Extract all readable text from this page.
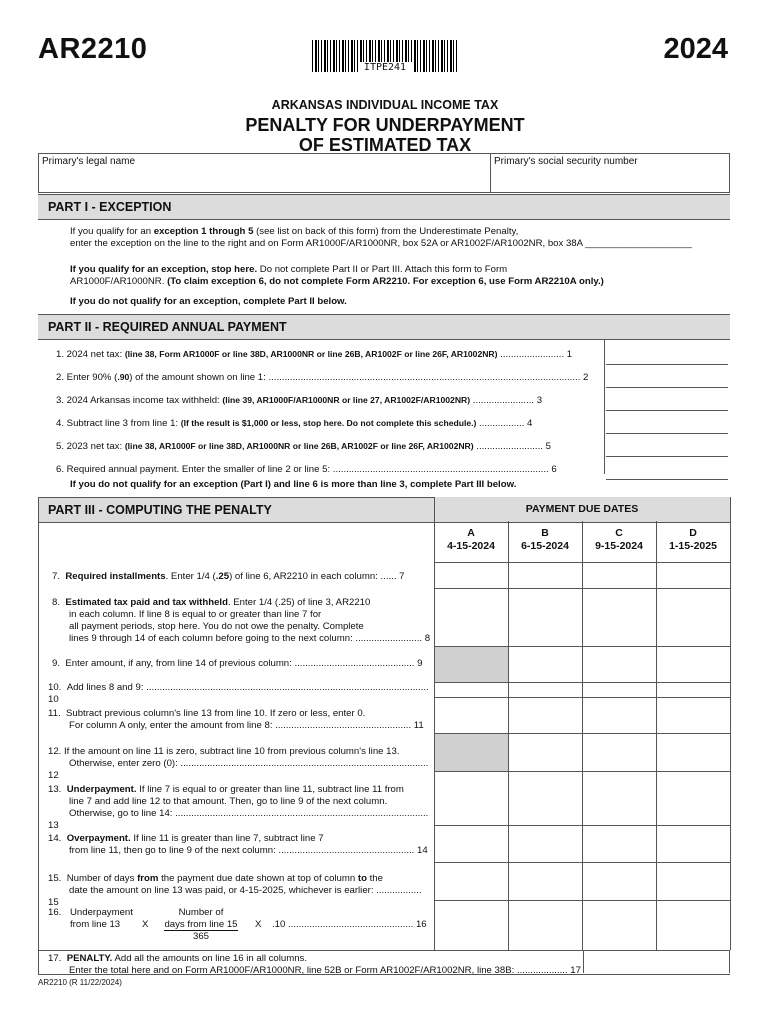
AR2210
ITPE241
2024
ARKANSAS INDIVIDUAL INCOME TAX
PENALTY FOR UNDERPAYMENT
OF ESTIMATED TAX
Primary's legal name	Primary's social security number
PART I - EXCEPTION
If you qualify for an exception 1 through 5 (see list on back of this form) from the Underestimate Penalty,
enter the exception on the line to the right and on Form AR1000F/AR1000NR, box 52A or AR1002F/AR1002NR, box 38A ____________________
If you qualify for an exception, stop here. Do not complete Part II or Part III. Attach this form to Form
AR1000F/AR1000NR. (To claim exception 6, do not complete Form AR2210. For exception 6, use Form AR2210A only.)
If you do not qualify for an exception, complete Part II below.
PART II - REQUIRED ANNUAL PAYMENT
1. 2024 net tax: (line 38, Form AR1000F or line 38D, AR1000NR or line 26B, AR1002F or line 26F, AR1002NR) ........................ 1
2. Enter 90% (.90) of the amount shown on line 1: ..................................................................................................................... 2
3. 2024 Arkansas income tax withheld: (line 39, AR1000F/AR1000NR or line 27, AR1002F/AR1002NR) ....................... 3
4. Subtract line 3 from line 1: (If the result is $1,000 or less, stop here. Do not complete this schedule.) ................. 4
5. 2023 net tax: (line 38, AR1000F or line 38D, AR1000NR or line 26B, AR1002F or line 26F, AR1002NR) ......................... 5
6. Required annual payment. Enter the smaller of line 2 or line 5: ................................................................................. 6
If you do not qualify for an exception (Part I) and line 6 is more than line 3, complete Part III below.
PART III - COMPUTING THE PENALTY	PAYMENT DUE DATES
A
4-15-2024
B
6-15-2024
C
9-15-2024
D
1-15-2025
7. Required installments. Enter 1/4 (.25) of line 6, AR2210 in each column: ...... 7
8. Estimated tax paid and tax withheld. Enter 1/4 (.25) of line 3, AR2210
in each column. If line 8 is equal to or greater than line 7 for
all payment periods, stop here. You do not owe the penalty. Complete
lines 9 through 14 of each column before going to the next column: ......................... 8
9. Enter amount, if any, from line 14 of previous column: ............................................. 9
10. Add lines 8 and 9: .......................................................................................................... 10
11. Subtract previous column's line 13 from line 10. If zero or less, enter 0.
For column A only, enter the amount from line 8: ................................................... 11
12. If the amount on line 11 is zero, subtract line 10 from previous column's line 13.
Otherwise, enter zero (0): ............................................................................................. 12
13. Underpayment. If line 7 is equal to or greater than line 11, subtract line 11 from
line 7 and add line 12 to that amount. Then, go to line 9 of the next column.
Otherwise, go to line 14: ............................................................................................... 13
14. Overpayment. If line 11 is greater than line 7, subtract line 7
from line 11, then go to line 9 of the next column: ................................................... 14
15. Number of days from the payment due date shown at top of column to the
date the amount on line 13 was paid, or 4-15-2025, whichever is earlier: ................. 15
16. Underpayment
from line 13	X
Number of
days from line 15
365
X .10 ............................................... 16
17. PENALTY. Add all the amounts on line 16 in all columns.
Enter the total here and on Form AR1000F/AR1000NR, line 52B or Form AR1002F/AR1002NR, line 38B: ................... 17
AR2210 (R 11/22/2024)
